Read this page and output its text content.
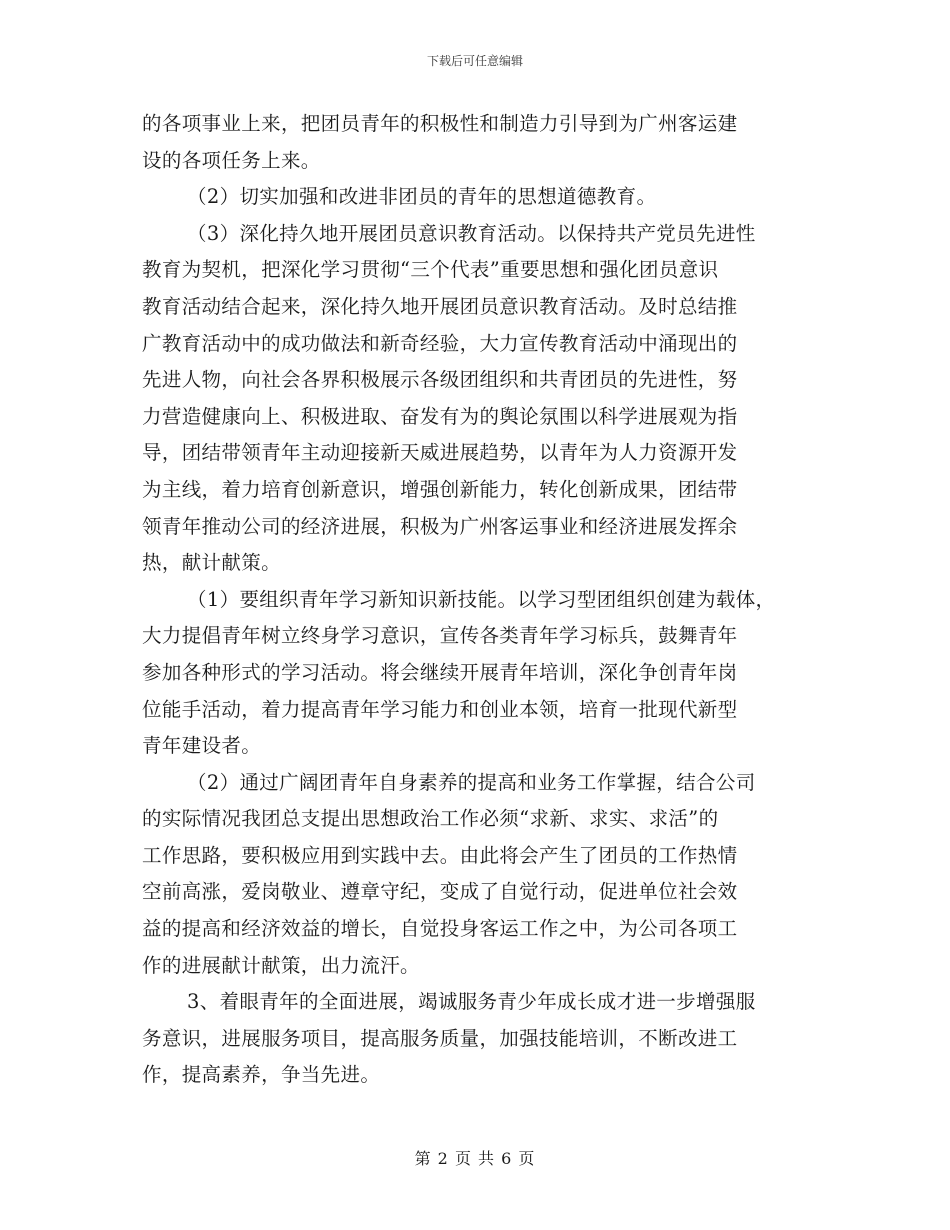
下载后可任意编辑
的各项事业上来，把团员青年的积极性和制造力引导到为广州客运建
设的各项任务上来。
（2）切实加强和改进非团员的青年的思想道德教育。
（3）深化持久地开展团员意识教育活动。以保持共产党员先进性
教育为契机，把深化学习贯彻“三个代表”重要思想和强化团员意识
教育活动结合起来，深化持久地开展团员意识教育活动。及时总结推
广教育活动中的成功做法和新奇经验，大力宣传教育活动中涌现出的
先进人物，向社会各界积极展示各级团组织和共青团员的先进性，努
力营造健康向上、积极进取、奋发有为的舆论氛围以科学进展观为指
导，团结带领青年主动迎接新天威进展趋势，以青年为人力资源开发
为主线，着力培育创新意识，增强创新能力，转化创新成果，团结带
领青年推动公司的经济进展，积极为广州客运事业和经济进展发挥余
热，献计献策。
（1）要组织青年学习新知识新技能。以学习型团组织创建为载体，
大力提倡青年树立终身学习意识，宣传各类青年学习标兵，鼓舞青年
参加各种形式的学习活动。将会继续开展青年培训，深化争创青年岗
位能手活动，着力提高青年学习能力和创业本领，培育一批现代新型
青年建设者。
（2）通过广阔团青年自身素养的提高和业务工作掌握，结合公司
的实际情况我团总支提出思想政治工作必须“求新、求实、求活”的
工作思路，要积极应用到实践中去。由此将会产生了团员的工作热情
空前高涨，爱岗敬业、遵章守纪，变成了自觉行动，促进单位社会效
益的提高和经济效益的增长，自觉投身客运工作之中，为公司各项工
作的进展献计献策，出力流汗。
3、着眼青年的全面进展，竭诚服务青少年成长成才进一步增强服
务意识，进展服务项目，提高服务质量，加强技能培训，不断改进工
作，提高素养，争当先进。
第 2 页 共 6 页
